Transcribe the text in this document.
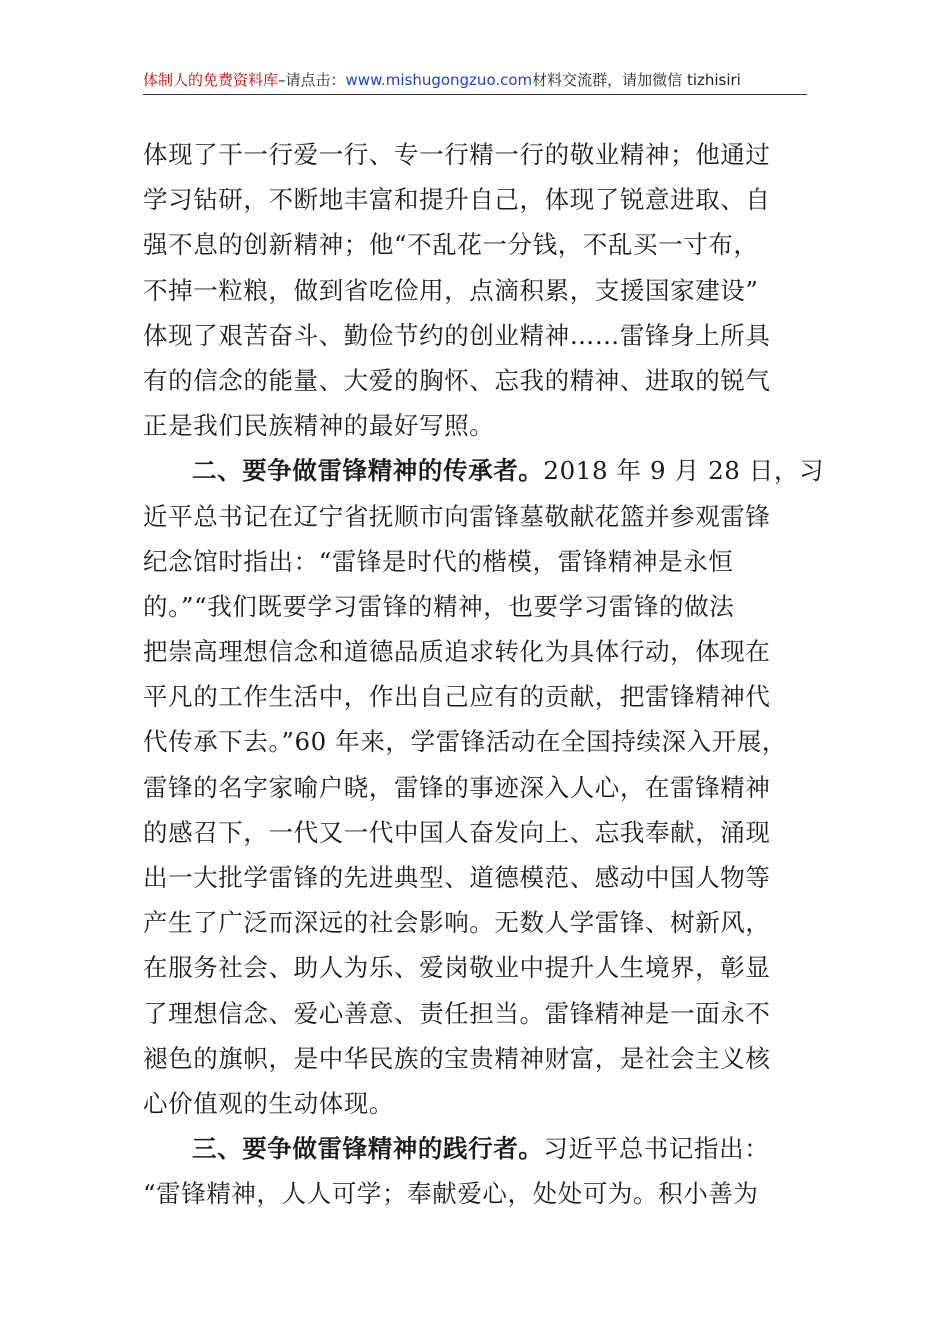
体制人的免费资料库–请点击：www.mishugongzuo.com材料交流群，请加微信 tizhisiri
体现了干一行爱一行、专一行精一行的敬业精神；他通过
学习钻研，不断地丰富和提升自己，体现了锐意进取、自
强不息的创新精神；他“不乱花一分钱，不乱买一寸布，
不掉一粒粮，做到省吃俭用，点滴积累，支援国家建设”
体现了艰苦奋斗、勤俭节约的创业精神……雷锋身上所具
有的信念的能量、大爱的胸怀、忘我的精神、进取的锐气
正是我们民族精神的最好写照。
二、要争做雷锋精神的传承者。2018 年 9 月 28 日，习
近平总书记在辽宁省抚顺市向雷锋墓敬献花篮并参观雷锋
纪念馆时指出：“雷锋是时代的楷模，雷锋精神是永恒
的。”“我们既要学习雷锋的精神，也要学习雷锋的做法
把崇高理想信念和道德品质追求转化为具体行动，体现在
平凡的工作生活中，作出自己应有的贡献，把雷锋精神代
代传承下去。”60 年来，学雷锋活动在全国持续深入开展，
雷锋的名字家喻户晓，雷锋的事迹深入人心，在雷锋精神
的感召下，一代又一代中国人奋发向上、忘我奉献，涌现
出一大批学雷锋的先进典型、道德模范、感动中国人物等
产生了广泛而深远的社会影响。无数人学雷锋、树新风，
在服务社会、助人为乐、爱岗敬业中提升人生境界，彰显
了理想信念、爱心善意、责任担当。雷锋精神是一面永不
褪色的旗帜，是中华民族的宝贵精神财富，是社会主义核
心价值观的生动体现。
三、要争做雷锋精神的践行者。习近平总书记指出：
“雷锋精神，人人可学；奉献爱心，处处可为。积小善为
